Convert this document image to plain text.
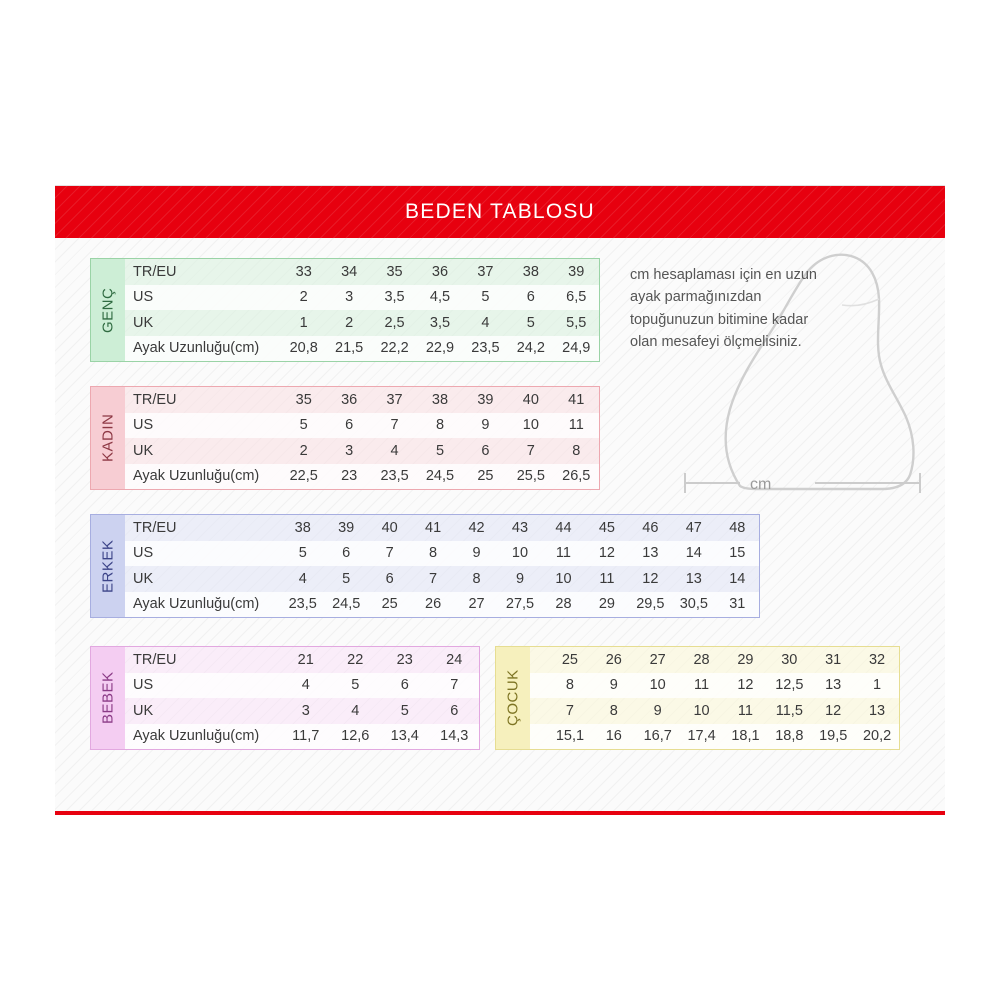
BEDEN TABLOSU
GENÇ
TR/EU	33	34	35	36	37	38	39
US	2	3	3,5	4,5	5	6	6,5
UK	1	2	2,5	3,5	4	5	5,5
Ayak Uzunluğu(cm)	20,8	21,5	22,2	22,9	23,5	24,2	24,9
KADIN
TR/EU	35	36	37	38	39	40	41
US	5	6	7	8	9	10	11
UK	2	3	4	5	6	7	8
Ayak Uzunluğu(cm)	22,5	23	23,5	24,5	25	25,5	26,5
ERKEK
TR/EU	38	39	40	41	42	43	44	45	46	47	48
US	5	6	7	8	9	10	11	12	13	14	15
UK	4	5	6	7	8	9	10	11	12	13	14
Ayak Uzunluğu(cm)	23,5	24,5	25	26	27	27,5	28	29	29,5	30,5	31
BEBEK
TR/EU	21	22	23	24
US	4	5	6	7
UK	3	4	5	6
Ayak Uzunluğu(cm)	11,7	12,6	13,4	14,3
ÇOCUK
25	26	27	28	29	30	31	32
8	9	10	11	12	12,5	13	1
7	8	9	10	11	11,5	12	13
15,1	16	16,7	17,4	18,1	18,8	19,5	20,2
cm
cm hesaplaması için en uzun ayak parmağınızdan topuğunuzun bitimine kadar olan mesafeyi ölçmelisiniz.
